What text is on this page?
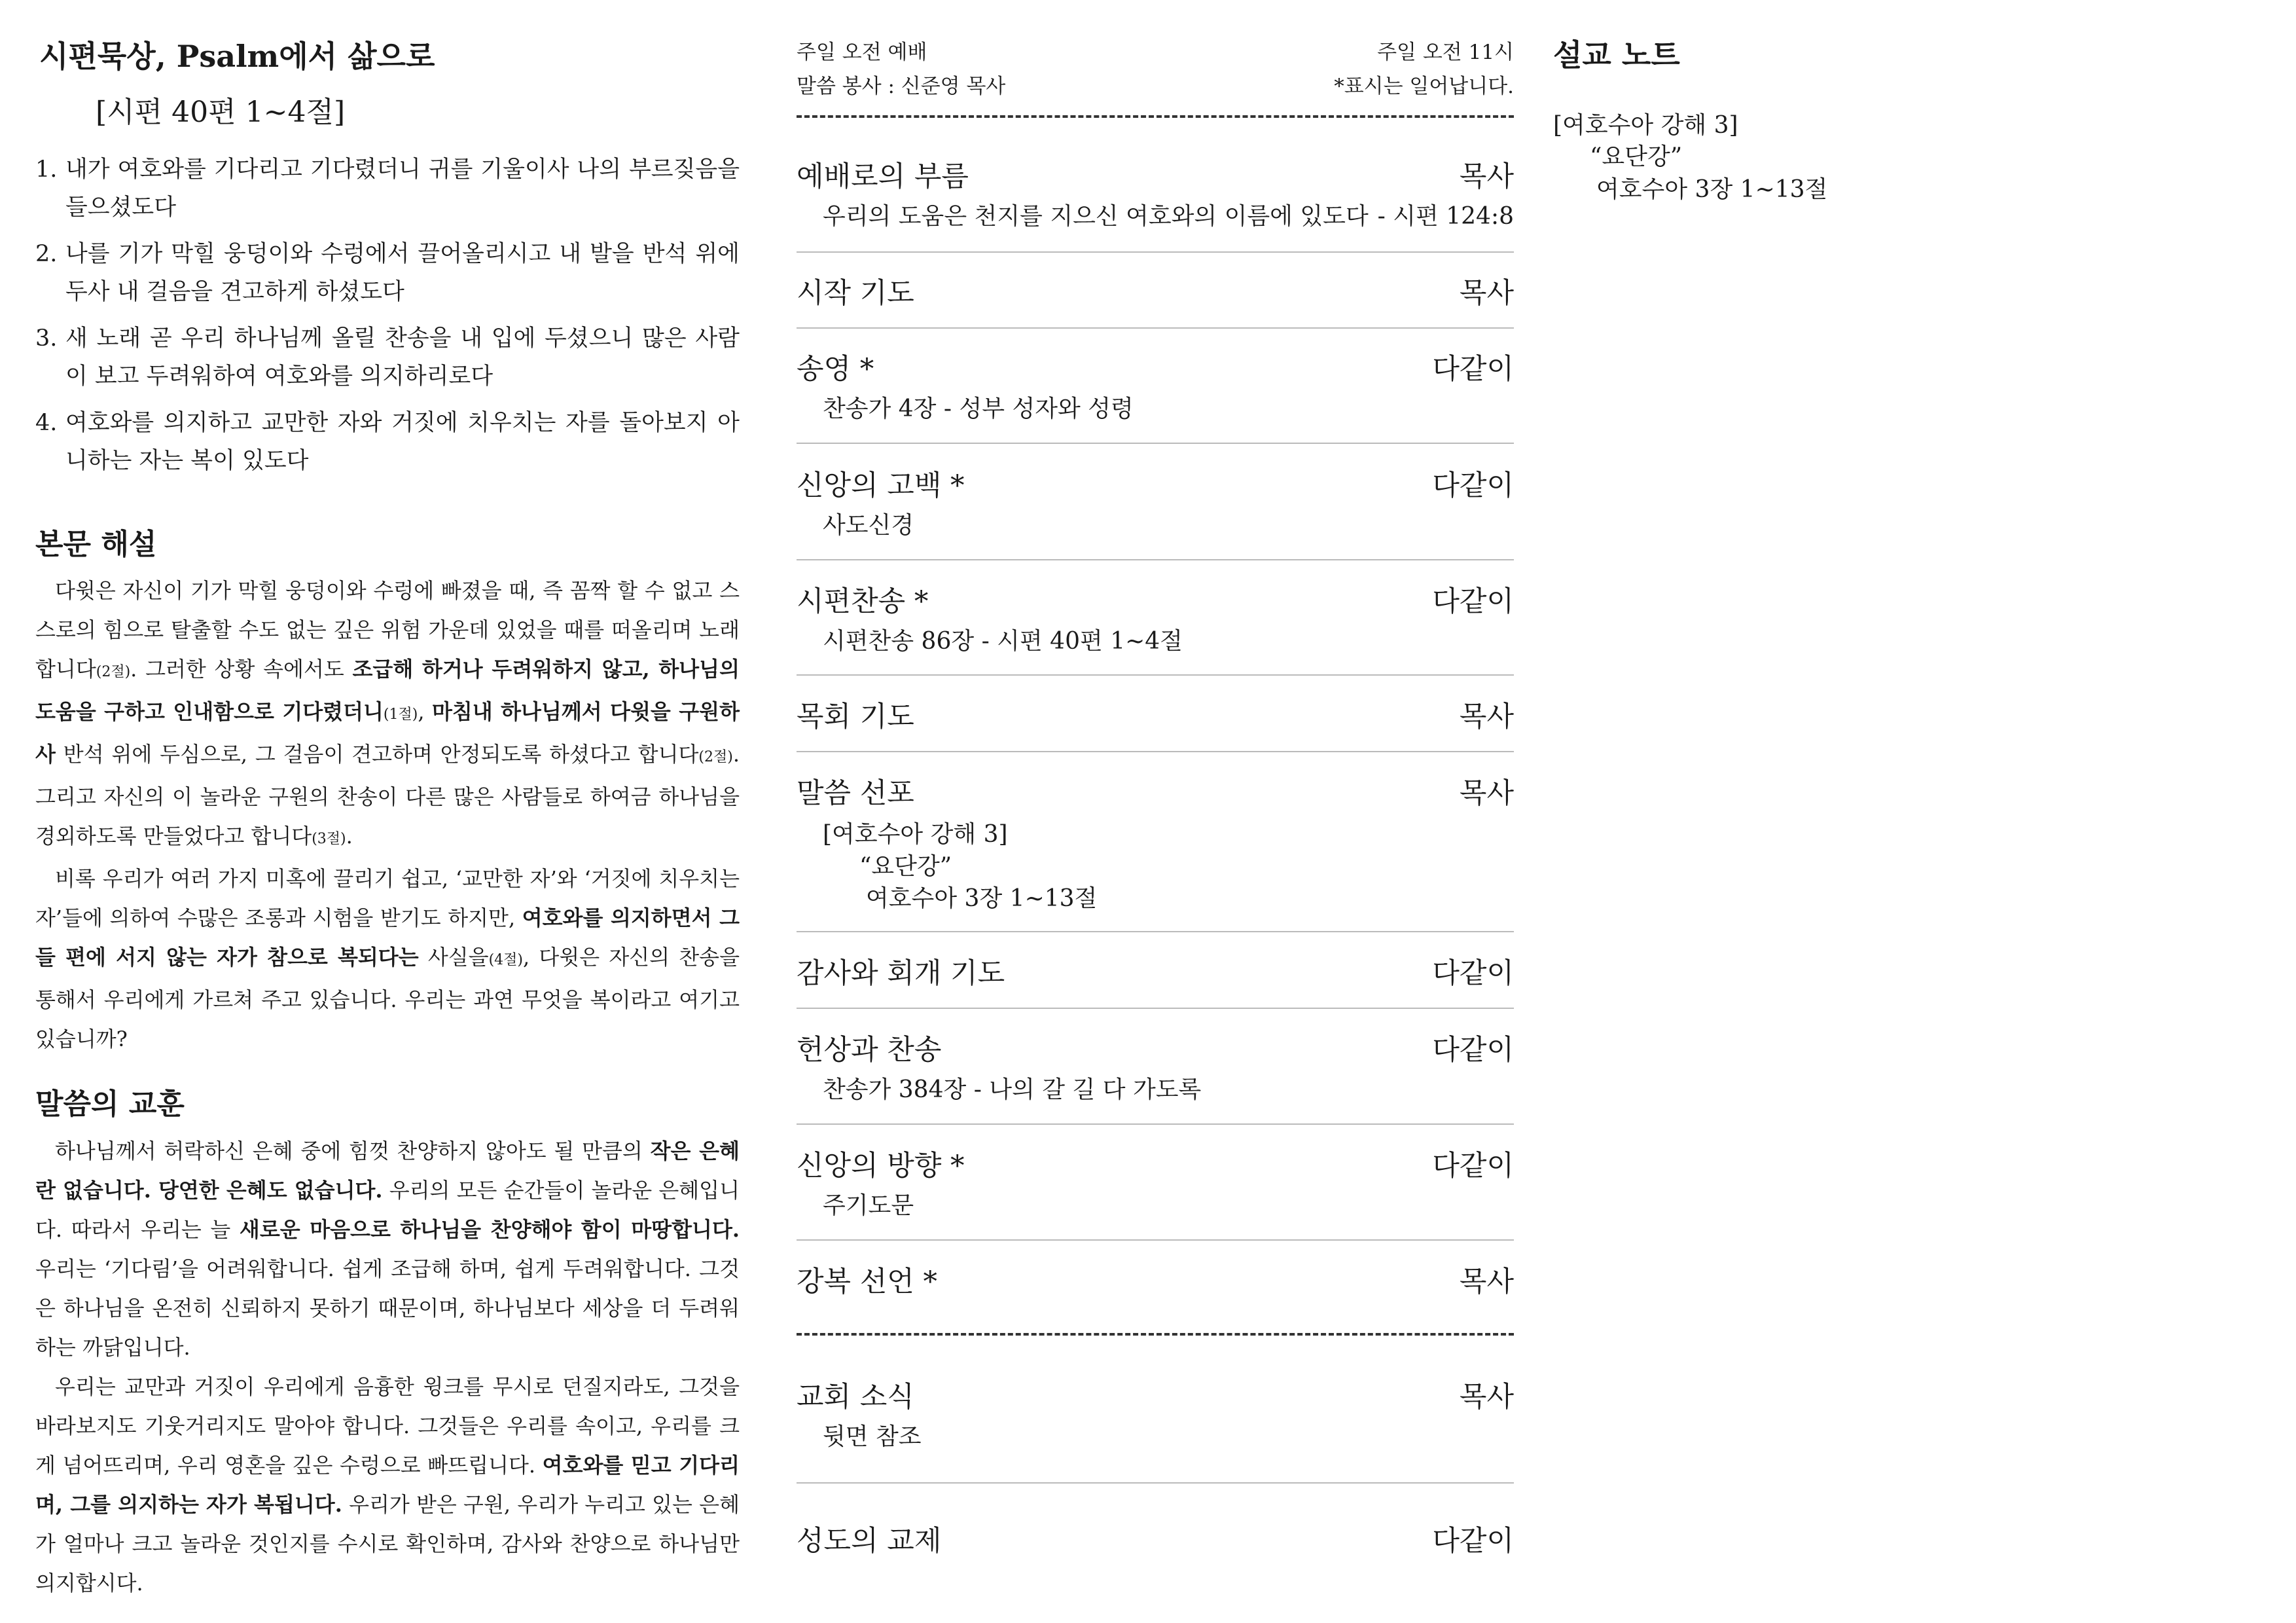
시편묵상, Psalm에서 삶으로
[시편 40편 1~4절]
1. 내가 여호와를 기다리고 기다렸더니 귀를 기울이사 나의 부르짖음을 들으셨도다
2. 나를 기가 막힐 웅덩이와 수렁에서 끌어올리시고 내 발을 반석 위에 두사 내 걸음을 견고하게 하셨도다
3. 새 노래 곧 우리 하나님께 올릴 찬송을 내 입에 두셨으니 많은 사람이 보고 두려워하여 여호와를 의지하리로다
4. 여호와를 의지하고 교만한 자와 거짓에 치우치는 자를 돌아보지 아니하는 자는 복이 있도다
본문 해설

다윗은 자신이 기가 막힐 웅덩이와 수렁에 빠졌을 때, 즉 꼼짝 할 수 없고 스스로의 힘으로 탈출할 수도 없는 깊은 위험 가운데 있었을 때를 떠올리며 노래합니다(2절). 그러한 상황 속에서도 조급해 하거나 두려워하지 않고, 하나님의 도움을 구하고 인내함으로 기다렸더니(1절), 마침내 하나님께서 다윗을 구원하사 반석 위에 두심으로, 그 걸음이 견고하며 안정되도록 하셨다고 합니다(2절). 그리고 자신의 이 놀라운 구원의 찬송이 다른 많은 사람들로 하여금 하나님을 경외하도록 만들었다고 합니다(3절).

비록 우리가 여러 가지 미혹에 끌리기 쉽고, ‘교만한 자’와 ‘거짓에 치우치는 자’들에 의하여 수많은 조롱과 시험을 받기도 하지만, 여호와를 의지하면서 그들 편에 서지 않는 자가 참으로 복되다는 사실을(4절), 다윗은 자신의 찬송을 통해서 우리에게 가르쳐 주고 있습니다. 우리는 과연 무엇을 복이라고 여기고 있습니까?

말씀의 교훈

하나님께서 허락하신 은혜 중에 힘껏 찬양하지 않아도 될 만큼의 작은 은혜란 없습니다. 당연한 은혜도 없습니다. 우리의 모든 순간들이 놀라운 은혜입니다. 따라서 우리는 늘 새로운 마음으로 하나님을 찬양해야 함이 마땅합니다. 우리는 ‘기다림’을 어려워합니다. 쉽게 조급해 하며, 쉽게 두려워합니다. 그것은 하나님을 온전히 신뢰하지 못하기 때문이며, 하나님보다 세상을 더 두려워하는 까닭입니다.

우리는 교만과 거짓이 우리에게 음흉한 윙크를 무시로 던질지라도, 그것을 바라보지도 기웃거리지도 말아야 합니다. 그것들은 우리를 속이고, 우리를 크게 넘어뜨리며, 우리 영혼을 깊은 수렁으로 빠뜨립니다. 여호와를 믿고 기다리며, 그를 의지하는 자가 복됩니다. 우리가 받은 구원, 우리가 누리고 있는 은혜가 얼마나 크고 놀라운 것인지를 수시로 확인하며, 감사와 찬양으로 하나님만 의지합시다.

주일 오전 예배	주일 오전 11시
말씀 봉사 : 신준영 목사	*표시는 일어납니다.
예배로의 부름	목사
우리의 도움은 천지를 지으신 여호와의 이름에 있도다 - 시편 124:8
시작 기도	목사
송영 *	다같이
찬송가 4장 - 성부 성자와 성령
신앙의 고백 *	다같이
사도신경
시편찬송 *	다같이
시편찬송 86장 - 시편 40편 1~4절
목회 기도	목사
말씀 선포	목사
[여호수아 강해 3]
“요단강”
여호수아 3장 1~13절
감사와 회개 기도	다같이
헌상과 찬송	다같이
찬송가 384장 - 나의 갈 길 다 가도록
신앙의 방향 *	다같이
주기도문
강복 선언 *	목사
교회 소식	목사
뒷면 참조
성도의 교제	다같이
설교 노트
[여호수아 강해 3]
“요단강”
여호수아 3장 1~13절
